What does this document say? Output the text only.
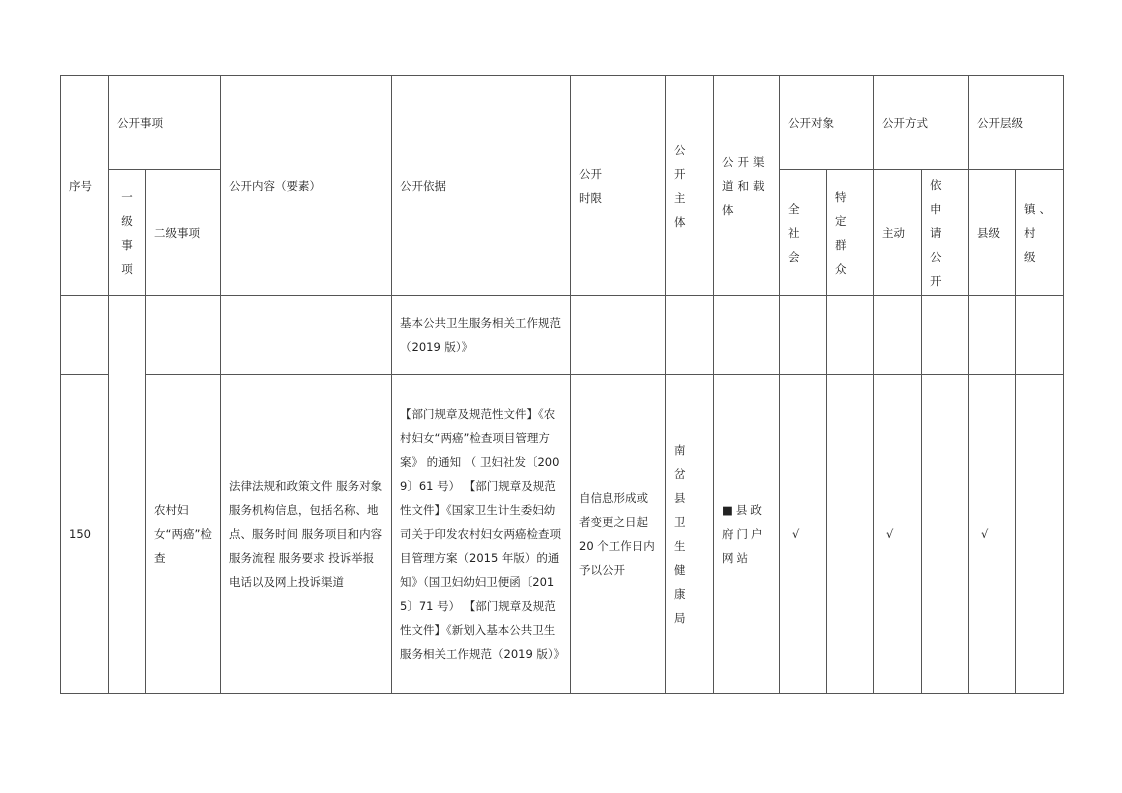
序号	公开事项		公开内容（要素）	公开依据	公开时限	公开主体	公开渠道和载体	公开对象		公开方式		公开层级	

	一级事项	二级事项						全社会	特定群众	主动	依申请公开	县级	镇、村级

				基本公共卫生服务相关工作规范（2019 版）》									
150		农村妇女“两癌”检查	法律法规和政策文件 服务对象 服务机构信息，包括名称、地点、服务时间 服务项目和内容 服务流程 服务要求 投诉举报电话以及网上投诉渠道	【部门规章及规范性文件】《农村妇女“两癌”检查项目管理方案》 的通知 （ 卫妇社发〔2009〕61 号） 【部门规章及规范性文件】《国家卫生计生委妇幼司关于印发农村妇女两癌检查项目管理方案（2015 年版）的通知》（国卫妇幼妇卫便函〔2015〕71 号） 【部门规章及规范性文件】《新划入基本公共卫生服务相关工作规范（2019 版）》	自信息形成或者变更之日起 20 个工作日内予以公开	南岔县卫生健康局	■县政府门户网站	√		√		√	
